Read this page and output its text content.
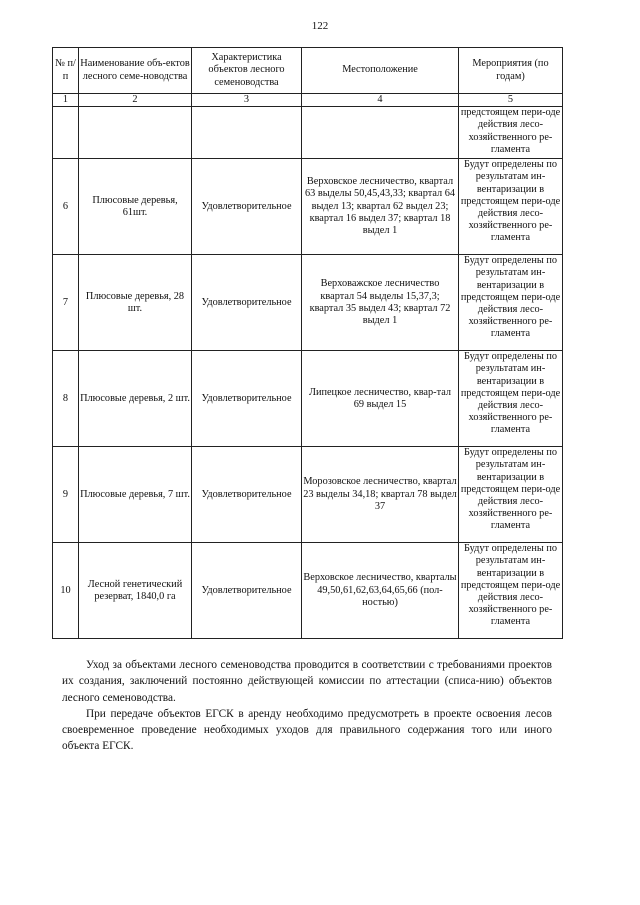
122
№ п/п	Наименование объ-ектов лесного семе-новодства	Характеристика объектов лесного семеноводства	Местоположение	Мероприятия (по годам)
1	2	3	4	5
				предстоящем пери-оде действия лесо-хозяйственного ре-гламента
6	Плюсовые деревья, 61шт.	Удовлетворительное	Верховское лесничество, квартал 63 выделы 50,45,43,33; квартал 64 выдел 13; квартал 62 выдел 23; квартал 16 выдел 37; квартал 18 выдел 1	Будут определены по результатам ин-вентаризации в предстоящем пери-оде действия лесо-хозяйственного ре-гламента
7	Плюсовые деревья, 28 шт.	Удовлетворительное	Верховажское лесничество квартал 54 выделы 15,37,3; квартал 35 выдел 43; квартал 72 выдел 1	Будут определены по результатам ин-вентаризации в предстоящем пери-оде действия лесо-хозяйственного ре-гламента
8	Плюсовые деревья, 2 шт.	Удовлетворительное	Липецкое лесничество, квар-тал 69 выдел 15	Будут определены по результатам ин-вентаризации в предстоящем пери-оде действия лесо-хозяйственного ре-гламента
9	Плюсовые деревья, 7 шт.	Удовлетворительное	Морозовское лесничество, квартал 23 выделы 34,18; квартал 78 выдел 37	Будут определены по результатам ин-вентаризации в предстоящем пери-оде действия лесо-хозяйственного ре-гламента
10	Лесной генетический резерват, 1840,0 га	Удовлетворительное	Верховское лесничество, кварталы 49,50,61,62,63,64,65,66 (пол-ностью)	Будут определены по результатам ин-вентаризации в предстоящем пери-оде действия лесо-хозяйственного ре-гламента

Уход за объектами лесного семеноводства проводится в соответствии с требованиями проектов их создания, заключений постоянно действующей комиссии по аттестации (списа-нию) объектов лесного семеноводства.

При передаче объектов ЕГСК в аренду необходимо предусмотреть в проекте освоения лесов своевременное проведение необходимых уходов для правильного содержания того или иного объекта ЕГСК.
